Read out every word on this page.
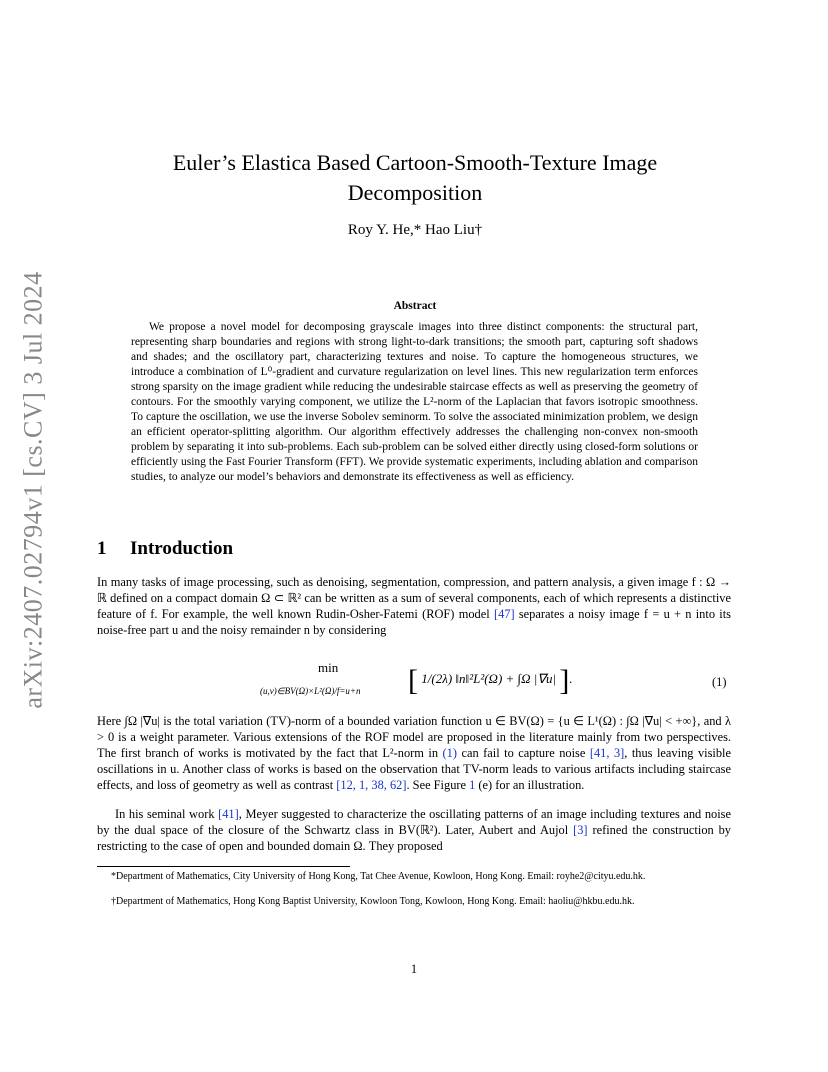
arXiv:2407.02794v1 [cs.CV] 3 Jul 2024
Euler’s Elastica Based Cartoon-Smooth-Texture Image Decomposition
Roy Y. He,* Hao Liu†
Abstract
We propose a novel model for decomposing grayscale images into three distinct components: the structural part, representing sharp boundaries and regions with strong light-to-dark transitions; the smooth part, capturing soft shadows and shades; and the oscillatory part, characterizing textures and noise. To capture the homogeneous structures, we introduce a combination of L⁰-gradient and curvature regularization on level lines. This new regularization term enforces strong sparsity on the image gradient while reducing the undesirable staircase effects as well as preserving the geometry of contours. For the smoothly varying component, we utilize the L²-norm of the Laplacian that favors isotropic smoothness. To capture the oscillation, we use the inverse Sobolev seminorm. To solve the associated minimization problem, we design an efficient operator-splitting algorithm. Our algorithm effectively addresses the challenging non-convex non-smooth problem by separating it into sub-problems. Each sub-problem can be solved either directly using closed-form solutions or efficiently using the Fast Fourier Transform (FFT). We provide systematic experiments, including ablation and comparison studies, to analyze our model’s behaviors and demonstrate its effectiveness as well as efficiency.
1 Introduction
In many tasks of image processing, such as denoising, segmentation, compression, and pattern analysis, a given image f : Ω → ℝ defined on a compact domain Ω ⊂ ℝ² can be written as a sum of several components, each of which represents a distinctive feature of f. For example, the well known Rudin-Osher-Fatemi (ROF) model [47] separates a noisy image f = u + n into its noise-free part u and the noisy remainder n by considering
min
(u,v)∈BV(Ω)×L²(Ω)/f=u+n [ 1/(2λ) ‖n‖²L²(Ω) + ∫Ω |∇u| ].	(1)
Here ∫Ω |∇u| is the total variation (TV)-norm of a bounded variation function u ∈ BV(Ω) = {u ∈ L¹(Ω) : ∫Ω |∇u| < +∞}, and λ > 0 is a weight parameter. Various extensions of the ROF model are proposed in the literature mainly from two perspectives. The first branch of works is motivated by the fact that L²-norm in (1) can fail to capture noise [41, 3], thus leaving visible oscillations in u. Another class of works is based on the observation that TV-norm leads to various artifacts including staircase effects, and loss of geometry as well as contrast [12, 1, 38, 62]. See Figure 1 (e) for an illustration.
In his seminal work [41], Meyer suggested to characterize the oscillating patterns of an image including textures and noise by the dual space of the closure of the Schwartz class in BV(ℝ²). Later, Aubert and Aujol [3] refined the construction by restricting to the case of open and bounded domain Ω. They proposed
*Department of Mathematics, City University of Hong Kong, Tat Chee Avenue, Kowloon, Hong Kong. Email: royhe2@cityu.edu.hk.
†Department of Mathematics, Hong Kong Baptist University, Kowloon Tong, Kowloon, Hong Kong. Email: haoliu@hkbu.edu.hk.
1
